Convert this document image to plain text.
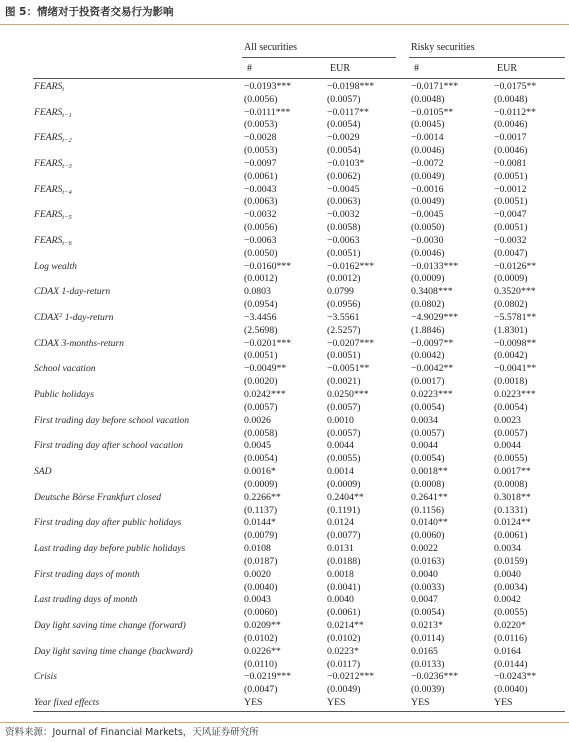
图 5：情绪对于投资者交易行为影响
All securities	Risky securities
#	EUR	#	EUR
$FEARS_t$	−0.0193***	−0.0198***	−0.0171***	−0.0175**
(0.0056)	(0.0057)	(0.0048)	(0.0048)
$FEARS_{t-1}$	−0.0111***	−0.0117**	−0.0105**	−0.0112**
(0.0053)	(0.0054)	(0.0045)	(0.0046)
$FEARS_{t-2}$	−0.0028	−0.0029	−0.0014	−0.0017
(0.0053)	(0.0054)	(0.0046)	(0.0046)
$FEARS_{t-3}$	−0.0097	−0.0103*	−0.0072	−0.0081
(0.0061)	(0.0062)	(0.0049)	(0.0051)
$FEARS_{t-4}$	−0.0043	−0.0045	−0.0016	−0.0012
(0.0063)	(0.0063)	(0.0049)	(0.0051)
$FEARS_{t-5}$	−0.0032	−0.0032	−0.0045	−0.0047
(0.0056)	(0.0058)	(0.0050)	(0.0051)
$FEARS_{t-6}$	−0.0063	−0.0063	−0.0030	−0.0032
(0.0050)	(0.0051)	(0.0046)	(0.0047)
Log wealth	−0.0160***	−0.0162***	−0.0133***	−0.0126**
(0.0012)	(0.0012)	(0.0009)	(0.0009)
CDAX 1-day-return	0.0803	0.0799	0.3408***	0.3520***
(0.0954)	(0.0956)	(0.0802)	(0.0802)
CDAX$^2$ 1-day-return	−3.4456	−3.5561	−4.9029***	−5.5781**
(2.5698)	(2.5257)	(1.8846)	(1.8301)
CDAX 3-months-return	−0.0201***	−0.0207***	−0.0097**	−0.0098**
(0.0051)	(0.0051)	(0.0042)	(0.0042)
School vacation	−0.0049**	−0.0051**	−0.0042**	−0.0041**
(0.0020)	(0.0021)	(0.0017)	(0.0018)
Public holidays	0.0242***	0.0250***	0.0223***	0.0223***
(0.0057)	(0.0057)	(0.0054)	(0.0054)
First trading day before school vacation	0.0026	0.0010	0.0034	0.0023
(0.0058)	(0.0057)	(0.0057)	(0.0057)
First trading day after school vacation	0.0045	0.0044	0.0044	0.0044
(0.0054)	(0.0055)	(0.0054)	(0.0055)
SAD	0.0016*	0.0014	0.0018**	0.0017**
(0.0009)	(0.0009)	(0.0008)	(0.0008)
Deutsche Börse Frankfurt closed	0.2266**	0.2404**	0.2641**	0.3018**
(0.1137)	(0.1191)	(0.1156)	(0.1331)
First trading day after public holidays	0.0144*	0.0124	0.0140**	0.0124**
(0.0079)	(0.0077)	(0.0060)	(0.0061)
Last trading day before public holidays	0.0108	0.0131	0.0022	0.0034
(0.0187)	(0.0188)	(0.0163)	(0.0159)
First trading days of month	0.0020	0.0018	0.0040	0.0040
(0.0040)	(0.0041)	(0.0033)	(0.0034)
Last trading days of month	0.0043	0.0040	0.0047	0.0042
(0.0060)	(0.0061)	(0.0054)	(0.0055)
Day light saving time change (forward)	0.0209**	0.0214**	0.0213*	0.0220*
(0.0102)	(0.0102)	(0.0114)	(0.0116)
Day light saving time change (backward)	0.0226**	0.0223*	0.0165	0.0164
(0.0110)	(0.0117)	(0.0133)	(0.0144)
Crisis	−0.0219***	−0.0212***	−0.0236***	−0.0243**
(0.0047)	(0.0049)	(0.0039)	(0.0040)
Year fixed effects	YES	YES	YES	YES
资料来源：Journal of Financial Markets，天风证券研究所
